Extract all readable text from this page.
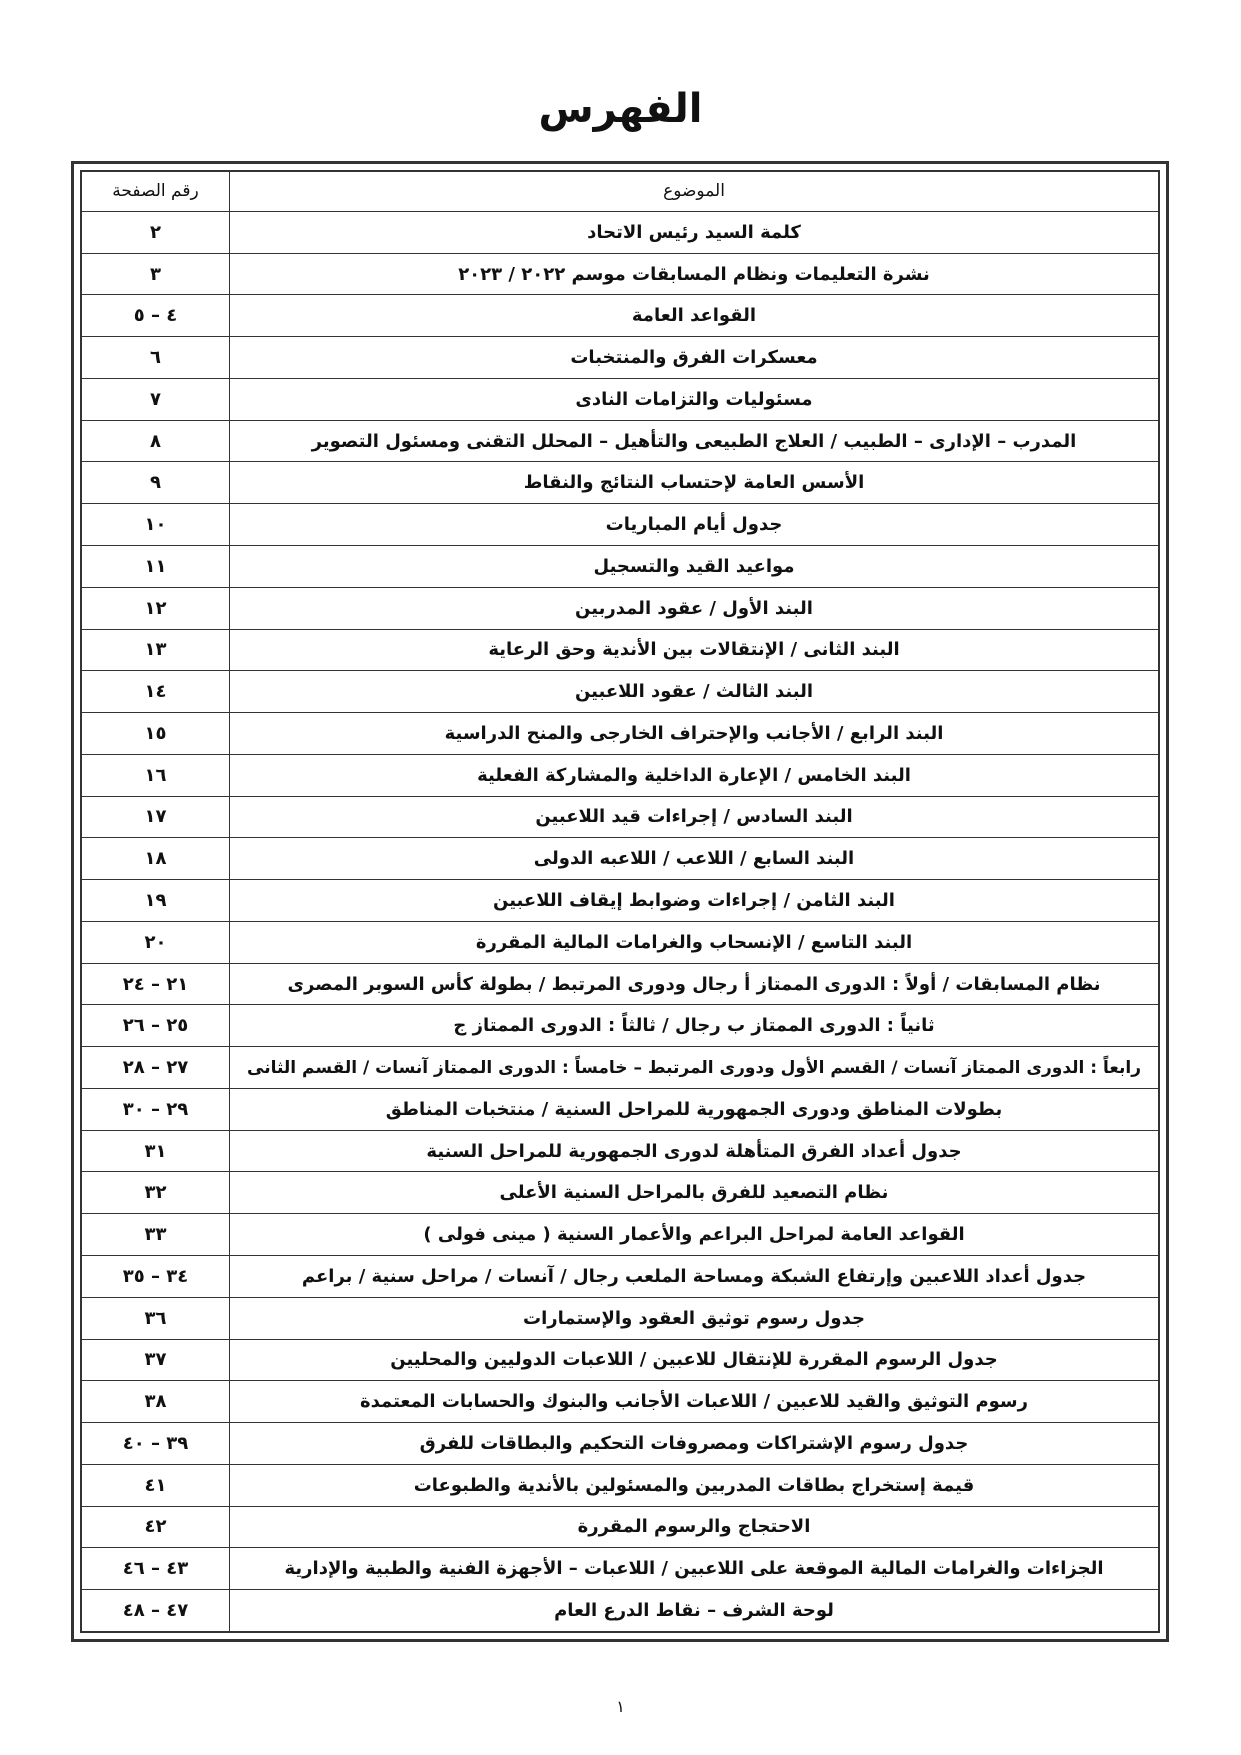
الفهرس
رقم الصفحة	الموضوع
٢	كلمة السيد رئيس الاتحاد
٣	نشرة التعليمات ونظام المسابقات موسم ٢٠٢٢ / ٢٠٢٣
٤ – ٥	القواعد العامة
٦	معسكرات الفرق والمنتخبات
٧	مسئوليات والتزامات النادى
٨	المدرب – الإدارى – الطبيب / العلاج الطبيعى والتأهيل – المحلل التقنى ومسئول التصوير
٩	الأسس العامة لإحتساب النتائج والنقاط
١٠	جدول أيام المباريات
١١	مواعيد القيد والتسجيل
١٢	البند الأول / عقود المدربين
١٣	البند الثانى / الإنتقالات بين الأندية وحق الرعاية
١٤	البند الثالث / عقود اللاعبين
١٥	البند الرابع / الأجانب والإحتراف الخارجى والمنح الدراسية
١٦	البند الخامس / الإعارة الداخلية والمشاركة الفعلية
١٧	البند السادس / إجراءات قيد اللاعبين
١٨	البند السابع / اللاعب / اللاعبه الدولى
١٩	البند الثامن / إجراءات وضوابط إيقاف اللاعبين
٢٠	البند التاسع / الإنسحاب والغرامات المالية المقررة
٢١ – ٢٤	نظام المسابقات / أولاً : الدورى الممتاز أ رجال ودورى المرتبط / بطولة كأس السوبر المصرى
٢٥ – ٢٦	ثانياً : الدورى الممتاز ب رجال / ثالثاً : الدورى الممتاز ج
٢٧ – ٢٨	رابعاً : الدورى الممتاز آنسات / القسم الأول ودورى المرتبط – خامساً : الدورى الممتاز آنسات / القسم الثانى
٢٩ – ٣٠	بطولات المناطق ودورى الجمهورية للمراحل السنية / منتخبات المناطق
٣١	جدول أعداد الفرق المتأهلة لدورى الجمهورية للمراحل السنية
٣٢	نظام التصعيد للفرق بالمراحل السنية الأعلى
٣٣	القواعد العامة لمراحل البراعم والأعمار السنية ( مينى فولى )
٣٤ – ٣٥	جدول أعداد اللاعبين وإرتفاع الشبكة ومساحة الملعب رجال / آنسات / مراحل سنية / براعم
٣٦	جدول رسوم توثيق العقود والإستمارات
٣٧	جدول الرسوم المقررة للإنتقال للاعبين / اللاعبات الدوليين والمحليين
٣٨	رسوم التوثيق والقيد للاعبين / اللاعبات الأجانب والبنوك والحسابات المعتمدة
٣٩ – ٤٠	جدول رسوم الإشتراكات ومصروفات التحكيم والبطاقات للفرق
٤١	قيمة إستخراج بطاقات المدربين والمسئولين بالأندية والطبوعات
٤٢	الاحتجاج والرسوم المقررة
٤٣ – ٤٦	الجزاءات والغرامات المالية الموقعة على اللاعبين / اللاعبات – الأجهزة الفنية والطبية والإدارية
٤٧ – ٤٨	لوحة الشرف – نقاط الدرع العام
١
